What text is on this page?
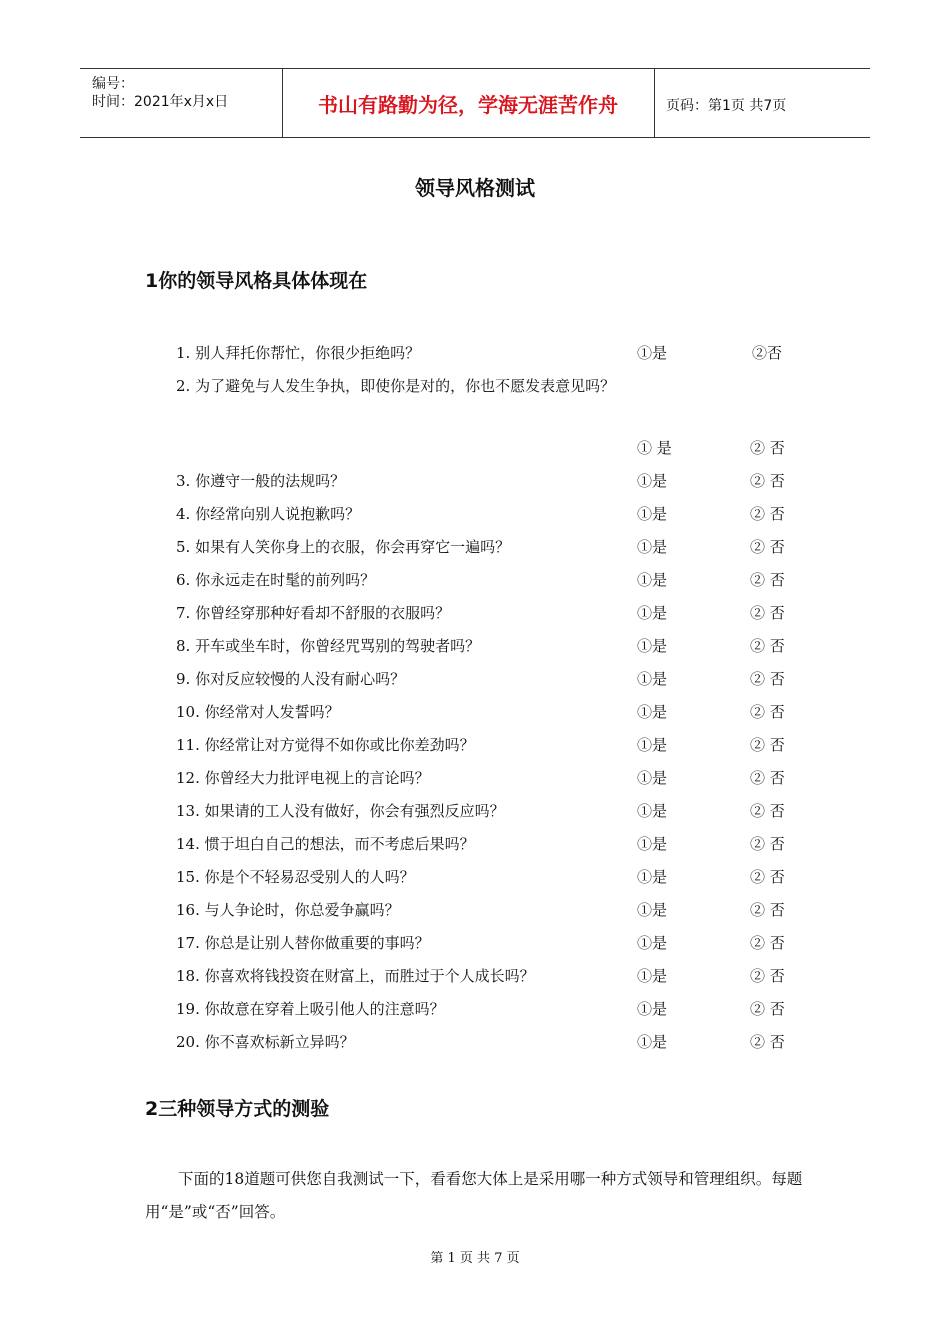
编号：
时间：2021年x月x日	书山有路勤为径，学海无涯苦作舟	页码：第1页 共7页
领导风格测试
1你的领导风格具体体现在
1. 别人拜托你帮忙，你很少拒绝吗？	①是	②否
2. 为了避免与人发生争执，即使你是对的，你也不愿发表意见吗？
① 是	② 否
3. 你遵守一般的法规吗？	①是	② 否
4. 你经常向别人说抱歉吗？	①是	② 否
5. 如果有人笑你身上的衣服，你会再穿它一遍吗？	①是	② 否
6. 你永远走在时髦的前列吗？	①是	② 否
7. 你曾经穿那种好看却不舒服的衣服吗？	①是	② 否
8. 开车或坐车时，你曾经咒骂别的驾驶者吗？	①是	② 否
9. 你对反应较慢的人没有耐心吗？	①是	② 否
10. 你经常对人发誓吗？	①是	② 否
11. 你经常让对方觉得不如你或比你差劲吗？	①是	② 否
12. 你曾经大力批评电视上的言论吗？	①是	② 否
13. 如果请的工人没有做好，你会有强烈反应吗？	①是	② 否
14. 惯于坦白自己的想法，而不考虑后果吗？	①是	② 否
15. 你是个不轻易忍受别人的人吗？	①是	② 否
16. 与人争论时，你总爱争赢吗？	①是	② 否
17. 你总是让别人替你做重要的事吗？	①是	② 否
18. 你喜欢将钱投资在财富上，而胜过于个人成长吗？	①是	② 否
19. 你故意在穿着上吸引他人的注意吗？	①是	② 否
20. 你不喜欢标新立异吗？	①是	② 否
2三种领导方式的测验
下面的18道题可供您自我测试一下，看看您大体上是采用哪一种方式领导和管理组织。每题用“是”或“否”回答。
第 1 页 共 7 页
